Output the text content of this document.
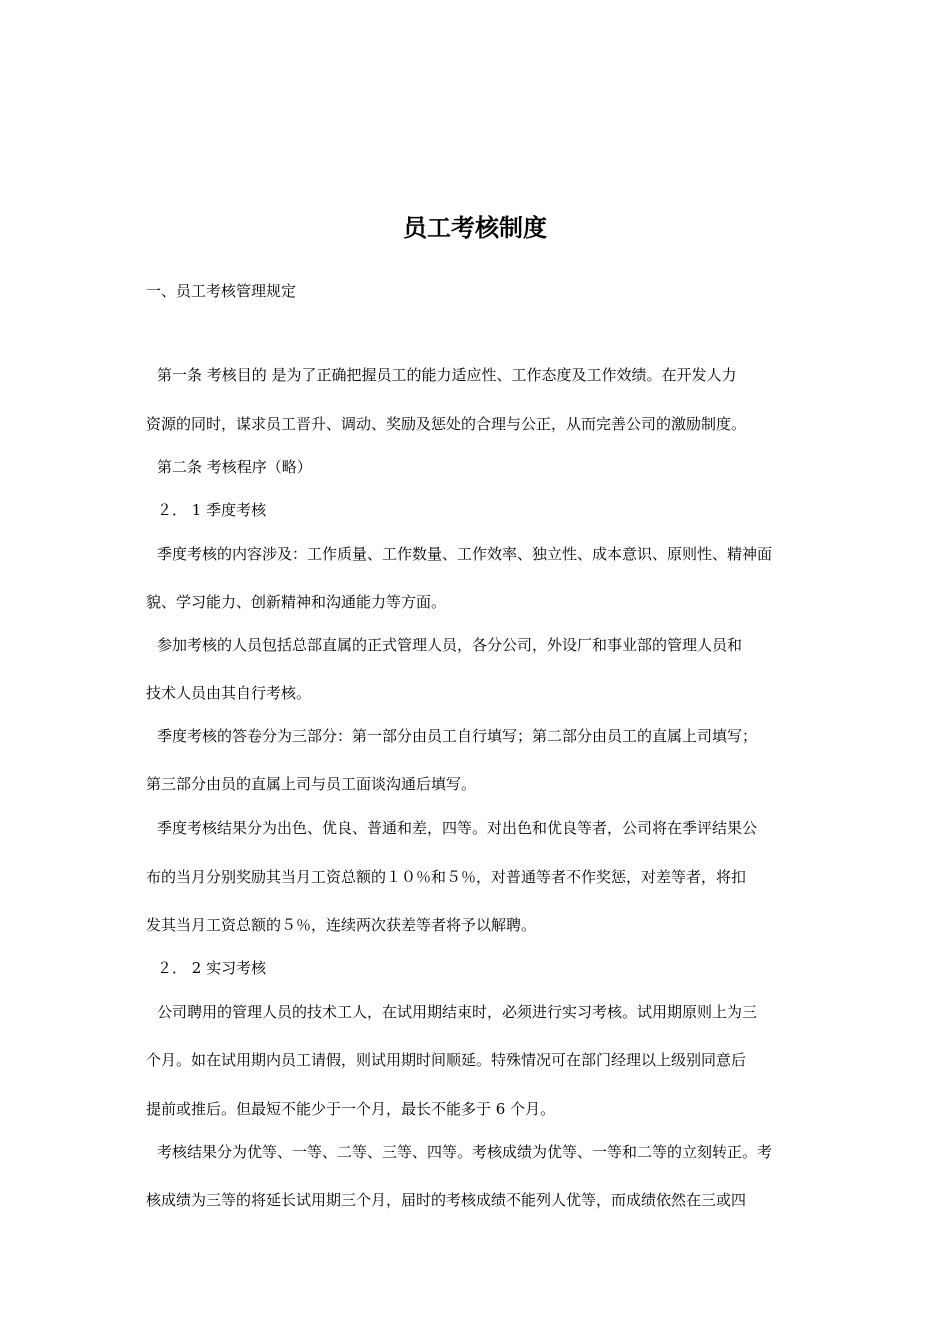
员工考核制度

一、员工考核管理规定

第一条 考核目的 是为了正确把握员工的能力适应性、工作态度及工作效绩。在开发人力

资源的同时，谋求员工晋升、调动、奖励及惩处的合理与公正，从而完善公司的激励制度。

第二条 考核程序（略）

２． 1 季度考核

季度考核的内容涉及：工作质量、工作数量、工作效率、独立性、成本意识、原则性、精神面

貌、学习能力、创新精神和沟通能力等方面。

参加考核的人员包括总部直属的正式管理人员，各分公司，外设厂和事业部的管理人员和

技术人员由其自行考核。

季度考核的答卷分为三部分：第一部分由员工自行填写；第二部分由员工的直属上司填写；

第三部分由员的直属上司与员工面谈沟通后填写。

季度考核结果分为出色、优良、普通和差，四等。对出色和优良等者，公司将在季评结果公

布的当月分别奖励其当月工资总额的１０％和５％，对普通等者不作奖惩，对差等者，将扣

发其当月工资总额的５％，连续两次获差等者将予以解聘。

２． 2 实习考核

公司聘用的管理人员的技术工人，在试用期结束时，必须进行实习考核。试用期原则上为三

个月。如在试用期内员工请假，则试用期时间顺延。特殊情况可在部门经理以上级别同意后

提前或推后。但最短不能少于一个月，最长不能多于 6 个月。

考核结果分为优等、一等、二等、三等、四等。考核成绩为优等、一等和二等的立刻转正。考

核成绩为三等的将延长试用期三个月，届时的考核成绩不能列人优等，而成绩依然在三或四
